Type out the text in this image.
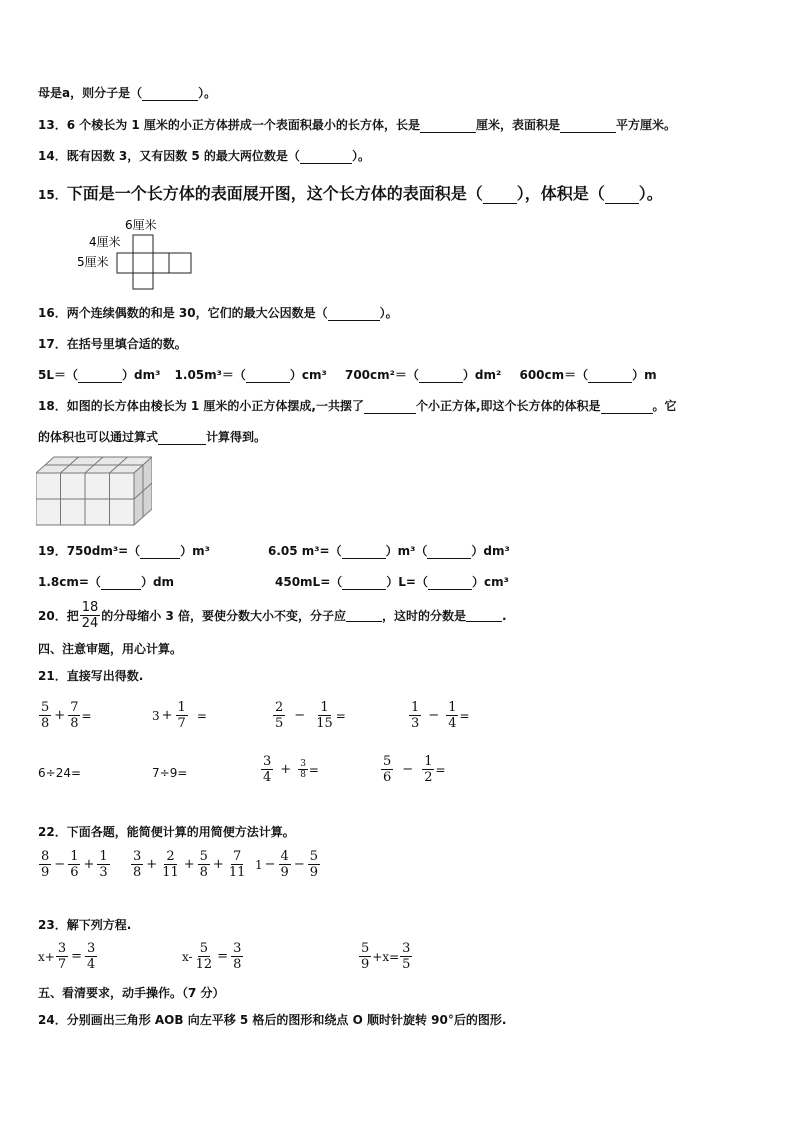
母是a，则分子是（	）。
13．6 个棱长为 1 厘米的小正方体拼成一个表面积最小的长方体，长是	厘米，表面积是	平方厘米。
14．既有因数 3，又有因数 5 的最大两位数是（	）。
15．下面是一个长方体的表面展开图，这个长方体的表面积是（ ），体积是（ ）。
6厘米
4厘米
5厘米
16．两个连续偶数的和是 30，它们的最大公因数是（	）。
17．在括号里填合适的数。
5L＝（	）dm³ 1.05m³＝（	）cm³ 700cm²＝（	）dm² 600cm＝（	）m
18．如图的长方体由棱长为 1 厘米的小正方体摆成,一共摆了	个小正方体,即这个长方体的体积是	。它
的体积也可以通过算式	计算得到。
19．750dm³=（	）m³	6.05 m³=（	）m³（	）dm³
1.8cm=（	）dm	450mL=（	）L=（	）cm³
20． 把 $\frac{18}{24}$ 的分母缩小 3 倍，要使分数大小不变，分子应	，这时的分数是	.
四、注意审题，用心计算。
21．直接写出得数.
$\frac{5}{8} + \frac{7}{8}$ =	$3 + \frac{1}{7}$ =	$\frac{2}{5} - \frac{1}{15}$ =	$\frac{1}{3} - \frac{1}{4}$ =
6÷24=	7÷9=	$\frac{3}{4} + \frac{3}{8}$ =	$\frac{5}{6} - \frac{1}{2}$ =
22．下面各题，能简便计算的用简便方法计算。
$\frac{8}{9} - \frac{1}{6} + \frac{1}{3} \frac{3}{8} + \frac{2}{11} + \frac{5}{8} + \frac{7}{11} 1 - \frac{4}{9} - \frac{5}{9}$
23．解下列方程.
$x+ \frac{3}{7} = \frac{3}{4}$	$x- \frac{5}{12} = \frac{3}{8}$	$\frac{5}{9} +x= \frac{3}{5}$
五、看清要求，动手操作。（7 分）
24．分别画出三角形 AOB 向左平移 5 格后的图形和绕点 O 顺时针旋转 90°后的图形.
